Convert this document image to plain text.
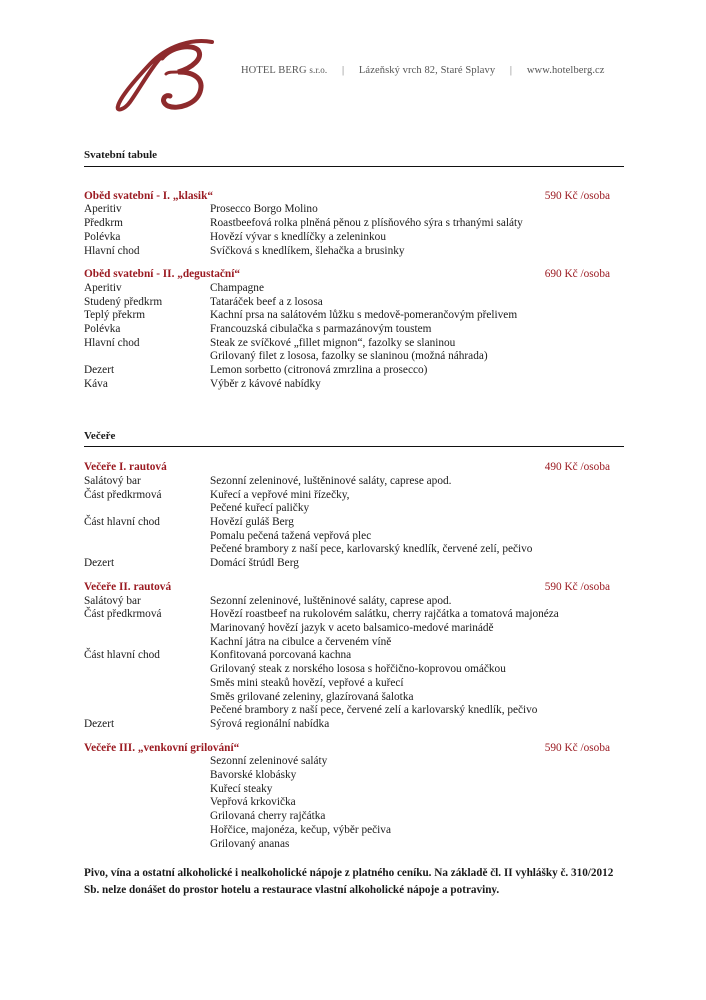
HOTEL BERG s.r.o. | Lázeňský vrch 82, Staré Splavy | www.hotelberg.cz
Svatební tabule
Oběd svatební - I. „klasik“	590 Kč /osoba
Aperitiv	Prosecco Borgo Molino
Předkrm	Roastbeefová rolka plněná pěnou z plísňového sýra s trhanými saláty
Polévka	Hovězí vývar s knedlíčky a zeleninkou
Hlavní chod	Svíčková s knedlíkem, šlehačka a brusinky
Oběd svatební - II. „degustační“	690 Kč /osoba
Aperitiv	Champagne
Studený předkrm	Tataráček beef a z lososa
Teplý překrm	Kachní prsa na salátovém lůžku s medově-pomerančovým přelivem
Polévka	Francouzská cibulačka s parmazánovým toustem
Hlavní chod	Steak ze svíčkové „fillet mignon“, fazolky se slaninou
Grilovaný filet z lososa, fazolky se slaninou (možná náhrada)
Dezert	Lemon sorbetto (citronová zmrzlina a prosecco)
Káva	Výběr z kávové nabídky
Večeře
Večeře I. rautová	490 Kč /osoba
Salátový bar	Sezonní zeleninové, luštěninové saláty, caprese apod.
Část předkrmová	Kuřecí a vepřové mini řízečky,
Pečené kuřecí paličky
Část hlavní chod	Hovězí guláš Berg
Pomalu pečená tažená vepřová plec
Pečené brambory z naší pece, karlovarský knedlík, červené zelí, pečivo
Dezert	Domácí štrúdl Berg
Večeře II. rautová	590 Kč /osoba
Salátový bar	Sezonní zeleninové, luštěninové saláty, caprese apod.
Část předkrmová	Hovězí roastbeef na rukolovém salátku, cherry rajčátka a tomatová majonéza
Marinovaný hovězí jazyk v aceto balsamico-medové marinádě
Kachní játra na cibulce a červeném víně
Část hlavní chod	Konfitovaná porcovaná kachna
Grilovaný steak z norského lososa s hořčično-koprovou omáčkou
Směs mini steaků hovězí, vepřové a kuřecí
Směs grilované zeleniny, glazírovaná šalotka
Pečené brambory z naší pece, červené zelí a karlovarský knedlík, pečivo
Dezert	Sýrová regionální nabídka
Večeře III. „venkovní grilování“	590 Kč /osoba
Sezonní zeleninové saláty
Bavorské klobásky
Kuřecí steaky
Vepřová krkovička
Grilovaná cherry rajčátka
Hořčice, majonéza, kečup, výběr pečiva
Grilovaný ananas
Pivo, vína a ostatní alkoholické i nealkoholické nápoje z platného ceníku. Na základě čl. II vyhlášky č. 310/2012 Sb. nelze donášet do prostor hotelu a restaurace vlastní alkoholické nápoje a potraviny.
